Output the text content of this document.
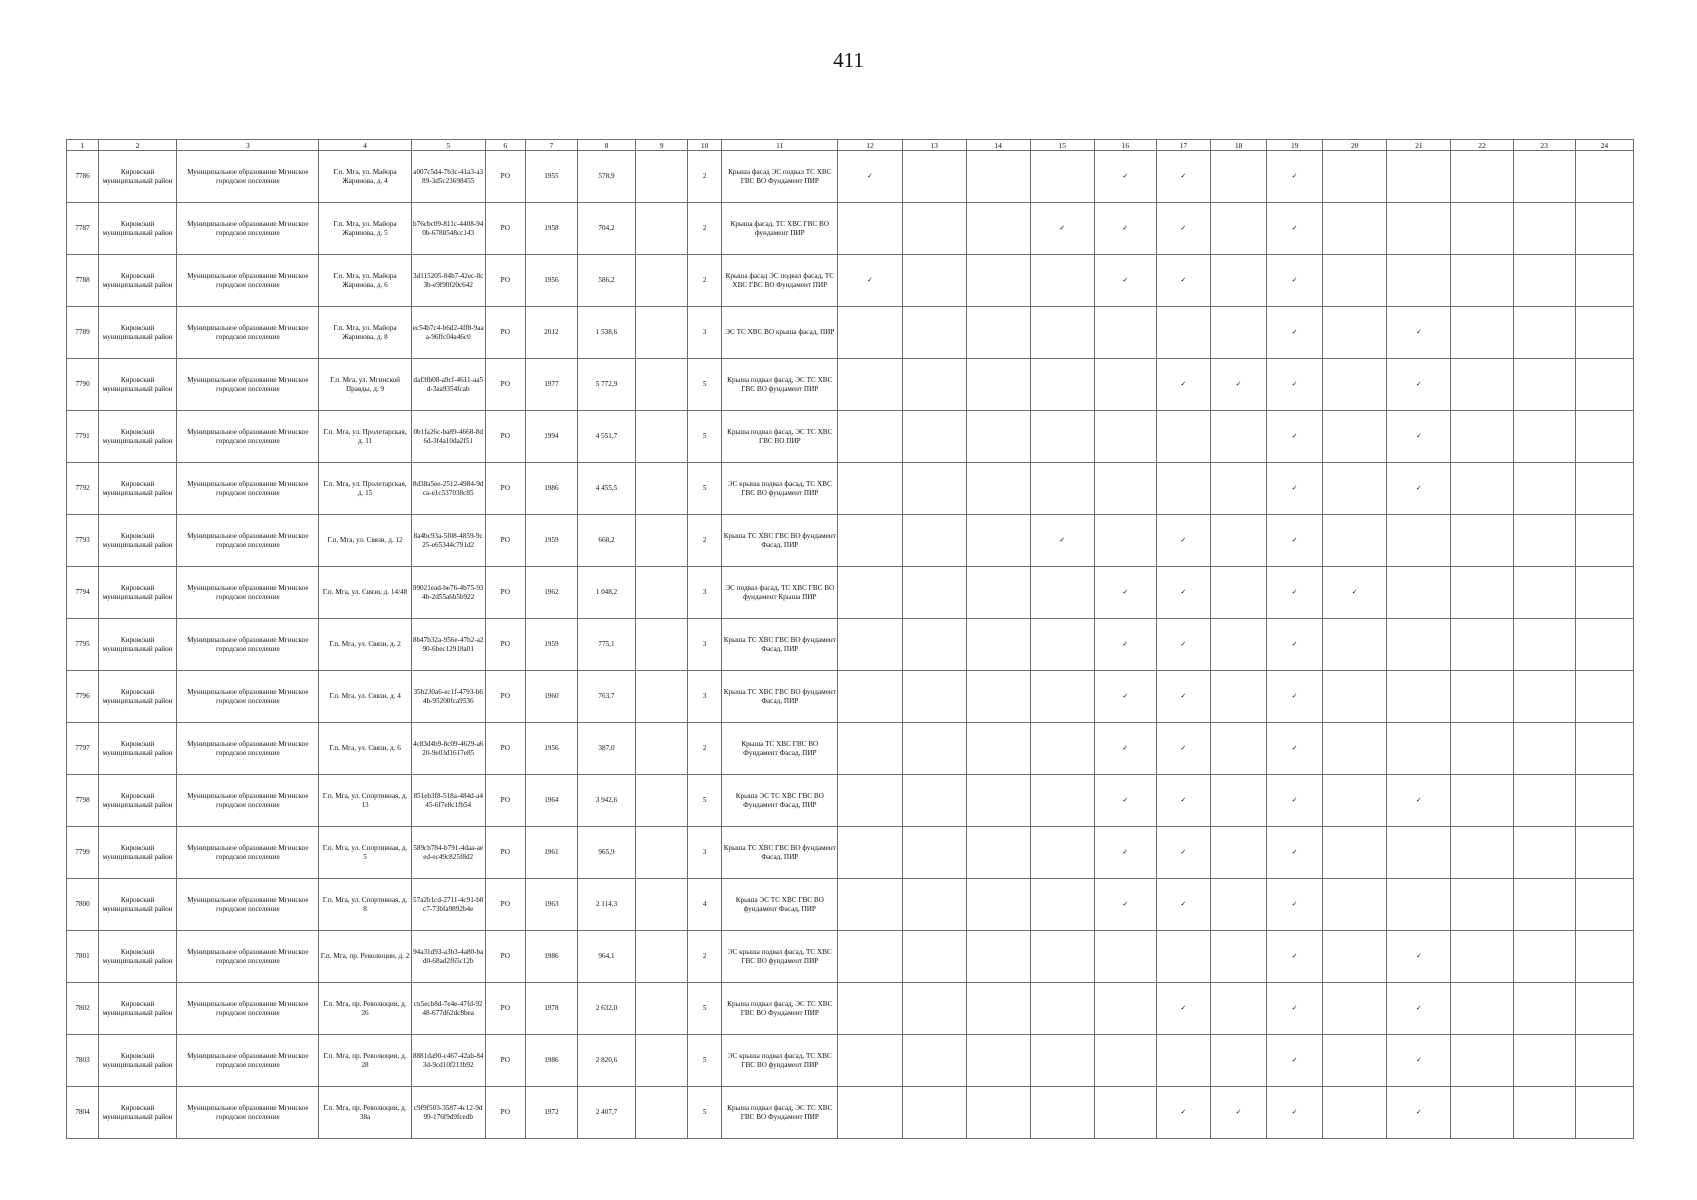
411
1	2	3	4	5	6	7	8	9	10	11	12	13	14	15	16	17	18	19	20	21	22	23	24
7786	Кировский муниципальный район	Муниципальное образование Мгинское городское поселение	Г.п. Мга, ул. Майора Жаринова, д. 4	a007c5d4-7b3c-41a3-a389-3d5c23698455	РО	1955	578,9		2	Крыша фасад ЭС подвал ТС ХВС ГВС ВО Фундамент ПИР	✓				✓	✓		✓					
7787	Кировский муниципальный район	Муниципальное образование Мгинское городское поселение	Г.п. Мга, ул. Майора Жаринова, д. 5	b76cbc09-811c-4408-940b-6788548cc143	РО	1958	704,2		2	Крыша фасад, ТС ХВС ГВС ВО фундамент ПИР				✓	✓	✓		✓					
7788	Кировский муниципальный район	Муниципальное образование Мгинское городское поселение	Г.п. Мга, ул. Майора Жаринова, д. 6	3d115205-84b7-42ec-8c3b-e9f90f20c642	РО	1956	586,2		2	Крыша фасад ЭС подвал фасад, ТС ХВС ГВС ВО Фундамент ПИР	✓				✓	✓		✓					
7789	Кировский муниципальный район	Муниципальное образование Мгинское городское поселение	Г.п. Мга, ул. Майора Жаринова, д. 8	ec54b7c4-b6d2-4ff8-9aaa-96ffc04a46c0	РО	2012	1 538,6		3	ЭС ТС ХВС ВО крыша фасад, ПИР								✓		✓			
7790	Кировский муниципальный район	Муниципальное образование Мгинское городское поселение	Г.п. Мга, ул. Мгинской Правды, д. 9	daf3fb08-a9cf-4611-aa5d-3aa9354fcab	РО	1977	5 772,9		5	Крыша подвал фасад, ЭС ТС ХВС ГВС ВО фундамент ПИР						✓	✓	✓		✓			
7791	Кировский муниципальный район	Муниципальное образование Мгинское городское поселение	Г.п. Мга, ул. Пролетарская, д. 11	0b1fa26c-ba89-4668-8d6d-3f4a10da2f51	РО	1994	4 551,7		5	Крыша подвал фасад, ЭС ТС ХВС ГВС ВО ПИР								✓		✓			
7792	Кировский муниципальный район	Муниципальное образование Мгинское городское поселение	Г.п. Мга, ул. Пролетарская, д. 15	8d38a5ee-2512-4984-9dca-e1c537038c85	РО	1986	4 455,5		5	ЭС крыша подвал фасад, ТС ХВС ГВС ВО фундамент ПИР								✓		✓			
7793	Кировский муниципальный район	Муниципальное образование Мгинское городское поселение	Г.п. Мга, ул. Связи, д. 12	8a4bc93a-5f08-4859-9c25-e65344c791d2	РО	1959	668,2		2	Крыша ТС ХВС ГВС ВО фундамент Фасад, ПИР				✓		✓		✓					
7794	Кировский муниципальный район	Муниципальное образование Мгинское городское поселение	Г.п. Мга, ул. Связи, д. 14/48	99021ead-be76-4b75-934b-2d55a6b5b922	РО	1962	1 048,2		3	ЭС подвал фасад, ТС ХВС ГВС ВО фундамент Крыша ПИР					✓	✓		✓	✓				
7795	Кировский муниципальный район	Муниципальное образование Мгинское городское поселение	Г.п. Мга, ул. Связи, д. 2	8b47b32a-956e-47b2-a290-6bec12918a01	РО	1959	775,1		3	Крыша ТС ХВС ГВС ВО фундамент Фасад, ПИР					✓	✓		✓					
7796	Кировский муниципальный район	Муниципальное образование Мгинское городское поселение	Г.п. Мга, ул. Связи, д. 4	35b230a6-ec1f-4793-b64b-95200fca9536	РО	1960	763,7		3	Крыша ТС ХВС ГВС ВО фундамент Фасад, ПИР					✓	✓		✓					
7797	Кировский муниципальный район	Муниципальное образование Мгинское городское поселение	Г.п. Мга, ул. Связи, д. 6	4c83d4b9-8c09-4629-a620-9e03d1617e85	РО	1956	387,0		2	Крыша ТС ХВС ГВС ВО Фундамент Фасад, ПИР					✓	✓		✓					
7798	Кировский муниципальный район	Муниципальное образование Мгинское городское поселение	Г.п. Мга, ул. Спортивная, д. 13	851eb3f8-518a-484d-a445-6f7e8c1fb54	РО	1964	3 942,6		5	Крыша ЭС ТС ХВС ГВС ВО Фундамент Фасад, ПИР					✓	✓		✓		✓			
7799	Кировский муниципальный район	Муниципальное образование Мгинское городское поселение	Г.п. Мга, ул. Спортивная, д. 5	589cb784-b791-4daa-aeed-ec49c825f8d2	РО	1961	965,9		3	Крыша ТС ХВС ГВС ВО фундамент Фасад, ПИР					✓	✓		✓					
7800	Кировский муниципальный район	Муниципальное образование Мгинское городское поселение	Г.п. Мга, ул. Спортивная, д. 8	57a2b1cd-2711-4c91-b8c7-73bfa9892b4e	РО	1963	2 114,3		4	Крыша ЭС ТС ХВС ГВС ВО фундамент Фасад, ПИР					✓	✓		✓					
7801	Кировский муниципальный район	Муниципальное образование Мгинское городское поселение	Г.п. Мга, пр. Революции, д. 2	94a31d93-a3b3-4a80-bad0-68ad2f65c12b	РО	1986	964,1		2	ЭС крыша подвал фасад, ТС ХВС ГВС ВО фундамент ПИР								✓		✓			
7802	Кировский муниципальный район	Муниципальное образование Мгинское городское поселение	Г.п. Мга, пр. Революции, д. 26	cn5ecb8d-7e4e-47fd-9248-677d62dc8bea	РО	1978	2 632,0		5	Крыша подвал фасад, ЭС ТС ХВС ГВС ВО Фундамент ПИР						✓		✓		✓			
7803	Кировский муниципальный район	Муниципальное образование Мгинское городское поселение	Г.п. Мга, пр. Революции, д. 28	8881da90-c467-42ab-843d-9cd10f211b92	РО	1986	2 820,6		5	ЭС крыша подвал фасад, ТС ХВС ГВС ВО фундамент ПИР								✓		✓			
7804	Кировский муниципальный район	Муниципальное образование Мгинское городское поселение	Г.п. Мга, пр. Революции, д. 38а	c9f9f503-3587-4c12-9d99-176f9d9fcedb	РО	1972	2 407,7		5	Крыша подвал фасад, ЭС ТС ХВС ГВС ВО Фундамент ПИР						✓	✓	✓		✓			
